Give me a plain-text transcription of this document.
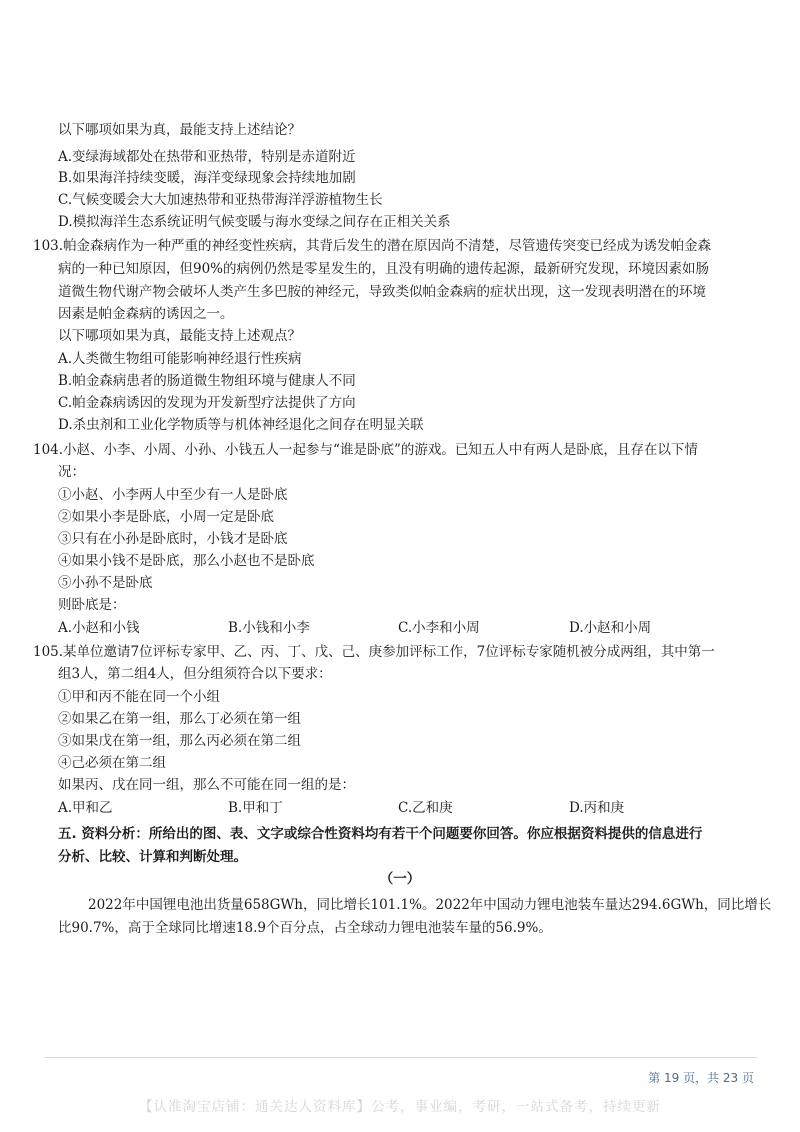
以下哪项如果为真，最能支持上述结论？
A.变绿海域都处在热带和亚热带，特别是赤道附近
B.如果海洋持续变暖，海洋变绿现象会持续地加剧
C.气候变暖会大大加速热带和亚热带海洋浮游植物生长
D.模拟海洋生态系统证明气候变暖与海水变绿之间存在正相关关系
103.帕金森病作为一种严重的神经变性疾病，其背后发生的潜在原因尚不清楚，尽管遗传突变已经成为诱发帕金森
病的一种已知原因，但90%的病例仍然是零星发生的，且没有明确的遗传起源，最新研究发现，环境因素如肠
道微生物代谢产物会破坏人类产生多巴胺的神经元，导致类似帕金森病的症状出现，这一发现表明潜在的环境
因素是帕金森病的诱因之一。
以下哪项如果为真，最能支持上述观点？
A.人类微生物组可能影响神经退行性疾病
B.帕金森病患者的肠道微生物组环境与健康人不同
C.帕金森病诱因的发现为开发新型疗法提供了方向
D.杀虫剂和工业化学物质等与机体神经退化之间存在明显关联
104.小赵、小李、小周、小孙、小钱五人一起参与“谁是卧底”的游戏。已知五人中有两人是卧底，且存在以下情
况：
①小赵、小李两人中至少有一人是卧底
②如果小李是卧底，小周一定是卧底
③只有在小孙是卧底时，小钱才是卧底
④如果小钱不是卧底，那么小赵也不是卧底
⑤小孙不是卧底
则卧底是：
A.小赵和小钱	B.小钱和小李	C.小李和小周	D.小赵和小周
105.某单位邀请7位评标专家甲、乙、丙、丁、戊、己、庚参加评标工作，7位评标专家随机被分成两组，其中第一
组3人，第二组4人，但分组须符合以下要求：
①甲和丙不能在同一个小组
②如果乙在第一组，那么丁必须在第一组
③如果戊在第一组，那么丙必须在第二组
④己必须在第二组
如果丙、戊在同一组，那么不可能在同一组的是：
A.甲和乙	B.甲和丁	C.乙和庚	D.丙和庚
五. 资料分析：所给出的图、表、文字或综合性资料均有若干个问题要你回答。你应根据资料提供的信息进行
分析、比较、计算和判断处理。
（一）
2022年中国锂电池出货量658GWh，同比增长101.1%。2022年中国动力锂电池装车量达294.6GWh，同比增长
比90.7%，高于全球同比增速18.9个百分点，占全球动力锂电池装车量的56.9%。
第 19 页，共 23 页
【认准淘宝店铺：通关达人资料库】公考，事业编，考研，一站式备考，持续更新
